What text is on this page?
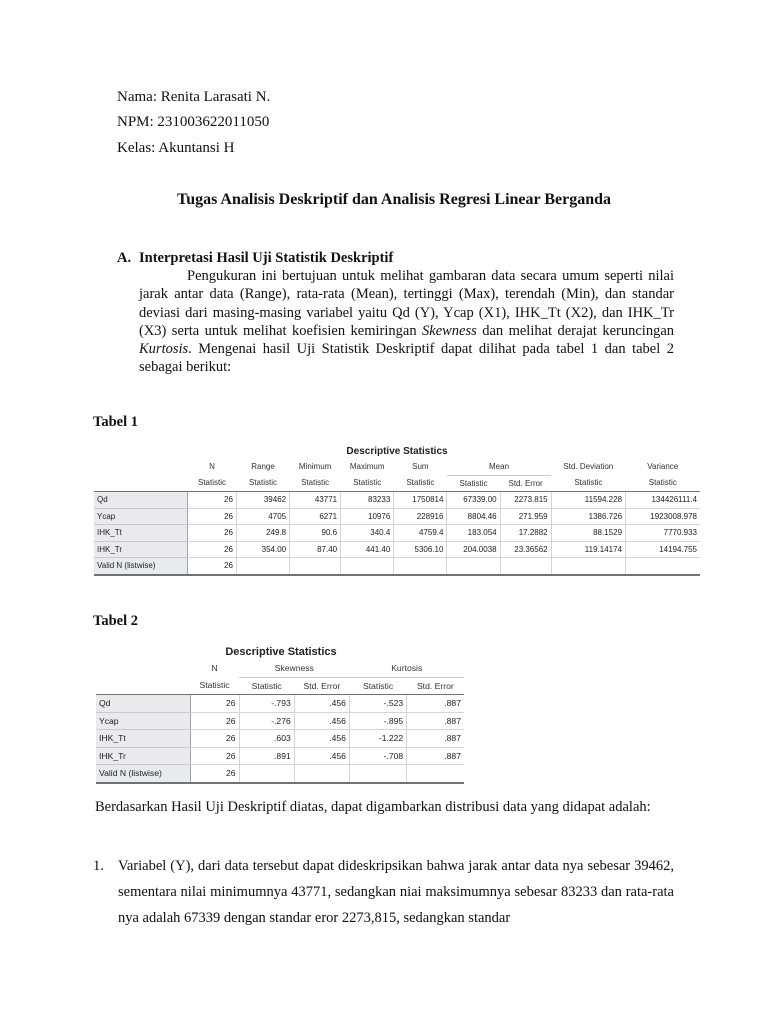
Nama: Renita Larasati N.
NPM: 231003622011050
Kelas: Akuntansi H
Tugas Analisis Deskriptif dan Analisis Regresi Linear Berganda
A. Interpretasi Hasil Uji Statistik Deskriptif

Pengukuran ini bertujuan untuk melihat gambaran data secara umum seperti nilai jarak antar data (Range), rata-rata (Mean), tertinggi (Max), terendah (Min), dan standar deviasi dari masing-masing variabel yaitu Qd (Y), Ycap (X1), IHK_Tt (X2), dan IHK_Tr (X3) serta untuk melihat koefisien kemiringan Skewness dan melihat derajat keruncingan Kurtosis. Mengenai hasil Uji Statistik Deskriptif dapat dilihat pada tabel 1 dan tabel 2 sebagai berikut:

Tabel 1
Descriptive Statistics
	N	Range	Minimum	Maximum	Sum	Mean		Std. Deviation	Variance
	Statistic	Statistic	Statistic	Statistic	Statistic	Statistic	Std. Error	Statistic	Statistic
Qd	26	39462	43771	83233	1750814	67339.00	2273.815	11594.228	134426111.4
Ycap	26	4705	6271	10976	228916	8804.46	271.959	1386.726	1923008.978
IHK_Tt	26	249.8	90.6	340.4	4759.4	183.054	17.2882	88.1529	7770.933
IHK_Tr	26	354.00	87.40	441.40	5306.10	204.0038	23.36562	119.14174	14194.755
Valid N (listwise)	26								
Tabel 2
Descriptive Statistics
	N	Skewness		Kurtosis	
	Statistic	Statistic	Std. Error	Statistic	Std. Error
Qd	26	-.793	.456	-.523	.887
Ycap	26	-.276	.456	-.895	.887
IHK_Tt	26	.603	.456	-1.222	.887
IHK_Tr	26	.891	.456	-.708	.887
Valid N (listwise)	26				
Berdasarkan Hasil Uji Deskriptif diatas, dapat digambarkan distribusi data yang didapat adalah:
1. Variabel (Y), dari data tersebut dapat dideskripsikan bahwa jarak antar data nya sebesar 39462, sementara nilai minimumnya 43771, sedangkan niai maksimumnya sebesar 83233 dan rata-rata nya adalah 67339 dengan standar eror 2273,815, sedangkan standar
